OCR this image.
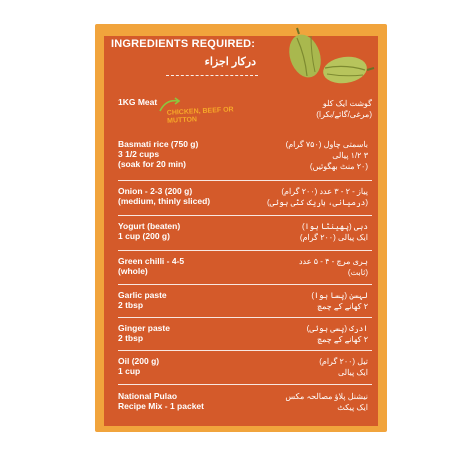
INGREDIENTS REQUIRED:
درکار اجزاء
1KG Meat
CHICKEN, BEEF OR MUTTON
گوشت ایک کلو
(مرغی/گائے/بکرا)
Basmati rice (750 g)
3 1/2 cups
(soak for 20 min)
باسمتی چاول (۷۵۰ گرام)
۳ ۱/۲ پیالی
(۲۰ منٹ بھگوئیں)
Onion - 2-3 (200 g)
(medium, thinly sliced)
پیاز - ۲ - ۳ عدد (۲۰۰ گرام)
(درمیانی، باریک کٹی ہوئی)
Yogurt (beaten)
1 cup (200 g)
دہی (پھینٹا ہوا)
ایک پیالی (۲۰۰ گرام)
Green chilli - 4-5
(whole)
ہری مرچ - ۴ - ۵ عدد
(ثابت)
Garlic paste
2 tbsp
لہسن (پسا ہوا)
۲ کھانے کے چمچ
Ginger paste
2 tbsp
ادرک (پسی ہوئی)
۲ کھانے کے چمچ
Oil (200 g)
1 cup
تیل (۲۰۰ گرام)
ایک پیالی
National Pulao
Recipe Mix - 1 packet
نیشنل پلاؤ مصالحہ مکس
ایک پیکٹ
